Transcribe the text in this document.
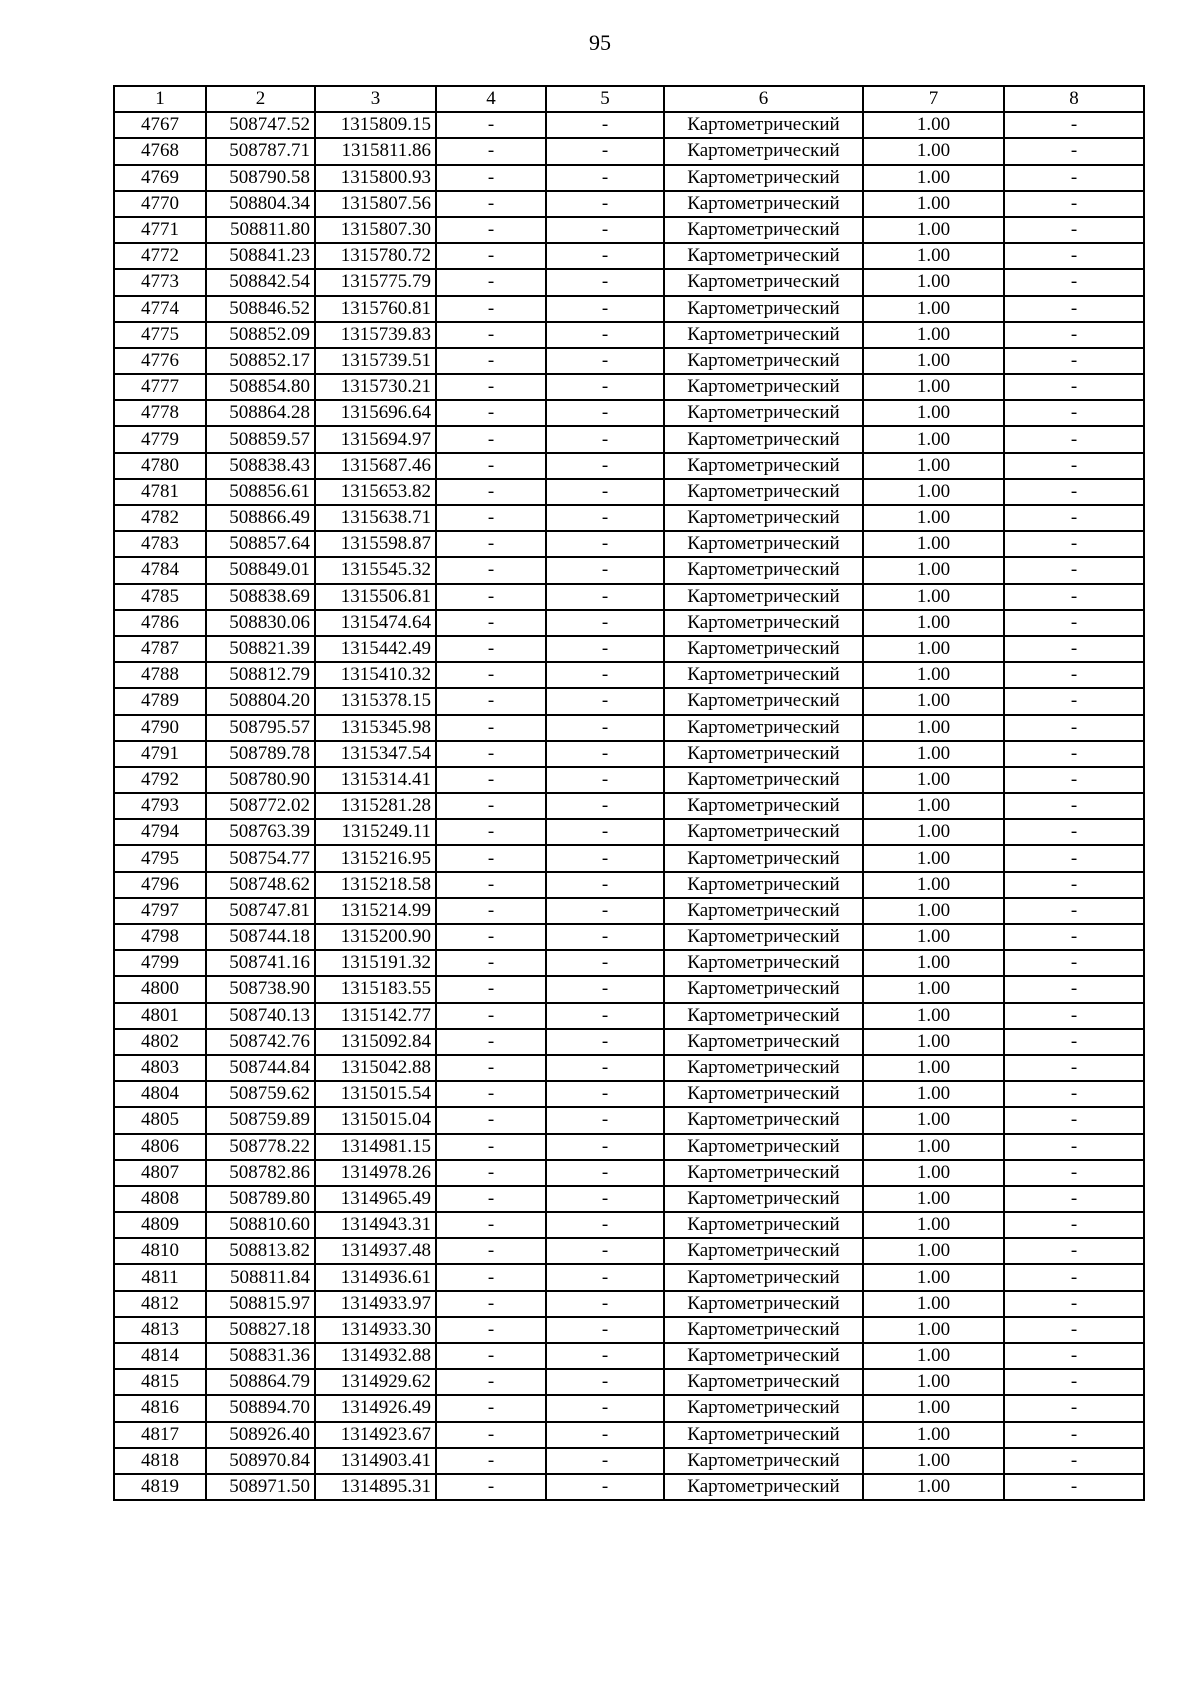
95
1	2	3	4	5	6	7	8
4767	508747.52	1315809.15	-	-	Картометрический	1.00	-
4768	508787.71	1315811.86	-	-	Картометрический	1.00	-
4769	508790.58	1315800.93	-	-	Картометрический	1.00	-
4770	508804.34	1315807.56	-	-	Картометрический	1.00	-
4771	508811.80	1315807.30	-	-	Картометрический	1.00	-
4772	508841.23	1315780.72	-	-	Картометрический	1.00	-
4773	508842.54	1315775.79	-	-	Картометрический	1.00	-
4774	508846.52	1315760.81	-	-	Картометрический	1.00	-
4775	508852.09	1315739.83	-	-	Картометрический	1.00	-
4776	508852.17	1315739.51	-	-	Картометрический	1.00	-
4777	508854.80	1315730.21	-	-	Картометрический	1.00	-
4778	508864.28	1315696.64	-	-	Картометрический	1.00	-
4779	508859.57	1315694.97	-	-	Картометрический	1.00	-
4780	508838.43	1315687.46	-	-	Картометрический	1.00	-
4781	508856.61	1315653.82	-	-	Картометрический	1.00	-
4782	508866.49	1315638.71	-	-	Картометрический	1.00	-
4783	508857.64	1315598.87	-	-	Картометрический	1.00	-
4784	508849.01	1315545.32	-	-	Картометрический	1.00	-
4785	508838.69	1315506.81	-	-	Картометрический	1.00	-
4786	508830.06	1315474.64	-	-	Картометрический	1.00	-
4787	508821.39	1315442.49	-	-	Картометрический	1.00	-
4788	508812.79	1315410.32	-	-	Картометрический	1.00	-
4789	508804.20	1315378.15	-	-	Картометрический	1.00	-
4790	508795.57	1315345.98	-	-	Картометрический	1.00	-
4791	508789.78	1315347.54	-	-	Картометрический	1.00	-
4792	508780.90	1315314.41	-	-	Картометрический	1.00	-
4793	508772.02	1315281.28	-	-	Картометрический	1.00	-
4794	508763.39	1315249.11	-	-	Картометрический	1.00	-
4795	508754.77	1315216.95	-	-	Картометрический	1.00	-
4796	508748.62	1315218.58	-	-	Картометрический	1.00	-
4797	508747.81	1315214.99	-	-	Картометрический	1.00	-
4798	508744.18	1315200.90	-	-	Картометрический	1.00	-
4799	508741.16	1315191.32	-	-	Картометрический	1.00	-
4800	508738.90	1315183.55	-	-	Картометрический	1.00	-
4801	508740.13	1315142.77	-	-	Картометрический	1.00	-
4802	508742.76	1315092.84	-	-	Картометрический	1.00	-
4803	508744.84	1315042.88	-	-	Картометрический	1.00	-
4804	508759.62	1315015.54	-	-	Картометрический	1.00	-
4805	508759.89	1315015.04	-	-	Картометрический	1.00	-
4806	508778.22	1314981.15	-	-	Картометрический	1.00	-
4807	508782.86	1314978.26	-	-	Картометрический	1.00	-
4808	508789.80	1314965.49	-	-	Картометрический	1.00	-
4809	508810.60	1314943.31	-	-	Картометрический	1.00	-
4810	508813.82	1314937.48	-	-	Картометрический	1.00	-
4811	508811.84	1314936.61	-	-	Картометрический	1.00	-
4812	508815.97	1314933.97	-	-	Картометрический	1.00	-
4813	508827.18	1314933.30	-	-	Картометрический	1.00	-
4814	508831.36	1314932.88	-	-	Картометрический	1.00	-
4815	508864.79	1314929.62	-	-	Картометрический	1.00	-
4816	508894.70	1314926.49	-	-	Картометрический	1.00	-
4817	508926.40	1314923.67	-	-	Картометрический	1.00	-
4818	508970.84	1314903.41	-	-	Картометрический	1.00	-
4819	508971.50	1314895.31	-	-	Картометрический	1.00	-
